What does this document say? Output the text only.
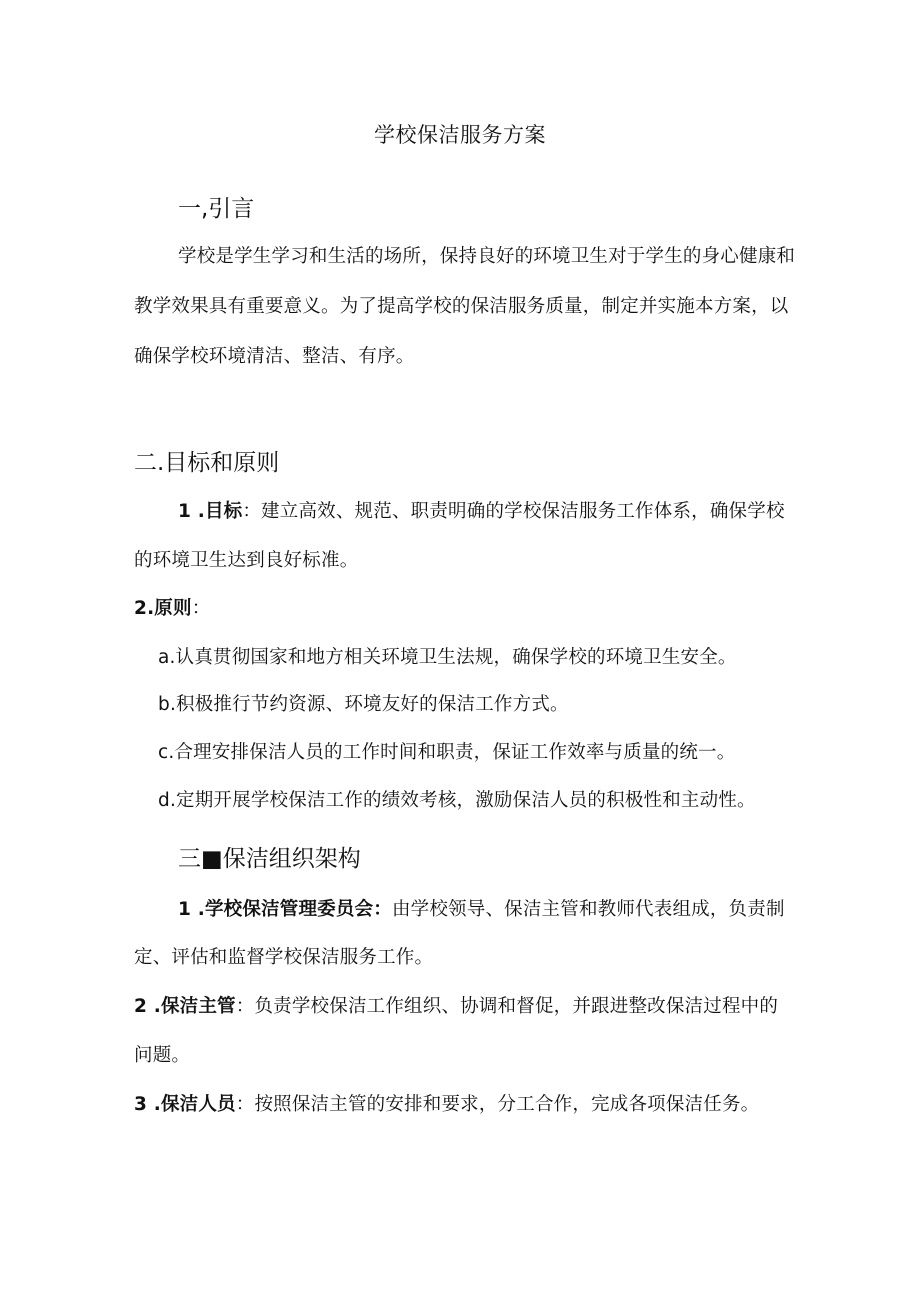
学校保洁服务方案
一,引言
学校是学生学习和生活的场所，保持良好的环境卫生对于学生的身心健康和
教学效果具有重要意义。为了提高学校的保洁服务质量，制定并实施本方案，以
确保学校环境清洁、整洁、有序。
二.目标和原则
1 .目标：建立高效、规范、职责明确的学校保洁服务工作体系，确保学校
的环境卫生达到良好标准。
2.原则：
a.认真贯彻国家和地方相关环境卫生法规，确保学校的环境卫生安全。
b.积极推行节约资源、环境友好的保洁工作方式。
c.合理安排保洁人员的工作时间和职责，保证工作效率与质量的统一。
d.定期开展学校保洁工作的绩效考核，激励保洁人员的积极性和主动性。
三■保洁组织架构
1 .学校保洁管理委员会：由学校领导、保洁主管和教师代表组成，负责制
定、评估和监督学校保洁服务工作。
2 .保洁主管：负责学校保洁工作组织、协调和督促，并跟进整改保洁过程中的
问题。
3 .保洁人员：按照保洁主管的安排和要求，分工合作，完成各项保洁任务。
